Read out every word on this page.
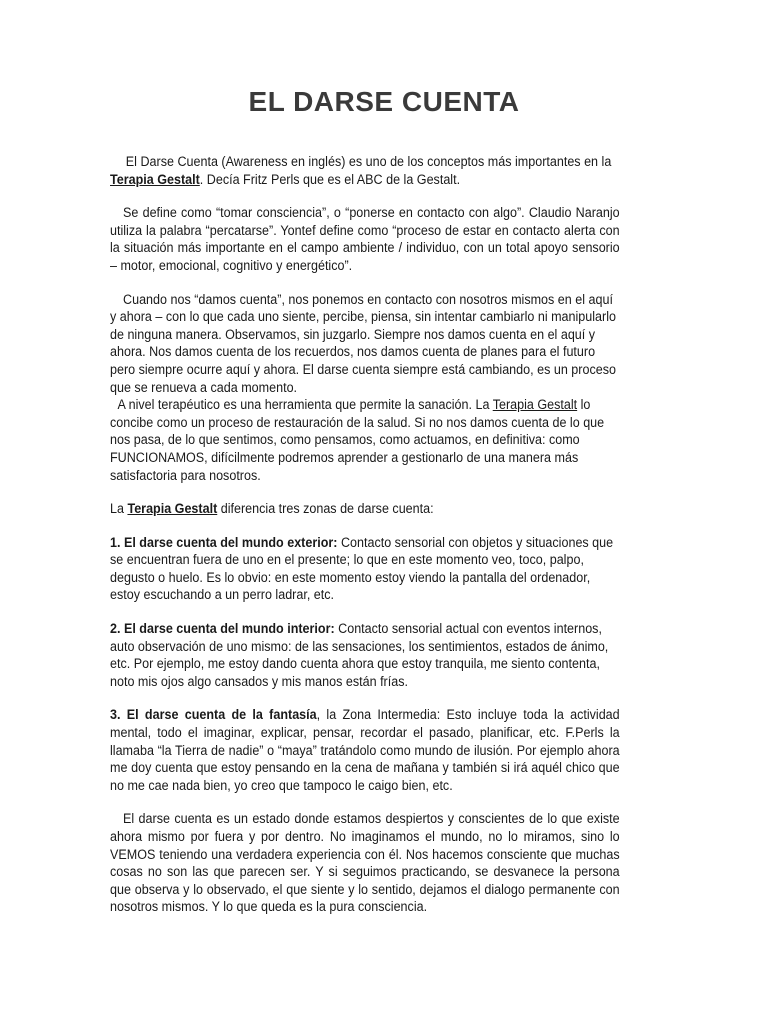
EL DARSE CUENTA

El Darse Cuenta (Awareness en inglés) es uno de los conceptos más importantes en la Terapia Gestalt. Decía Fritz Perls que es el ABC de la Gestalt.

Se define como “tomar consciencia”, o “ponerse en contacto con algo”. Claudio Naranjo utiliza la palabra “percatarse”. Yontef define como “proceso de estar en contacto alerta con la situación más importante en el campo ambiente / individuo, con un total apoyo sensorio – motor, emocional, cognitivo y energético”.

Cuando nos “damos cuenta”, nos ponemos en contacto con nosotros mismos en el aquí y ahora – con lo que cada uno siente, percibe, piensa, sin intentar cambiarlo ni manipularlo de ninguna manera. Observamos, sin juzgarlo. Siempre nos damos cuenta en el aquí y ahora. Nos damos cuenta de los recuerdos, nos damos cuenta de planes para el futuro pero siempre ocurre aquí y ahora. El darse cuenta siempre está cambiando, es un proceso que se renueva a cada momento.

A nivel terapéutico es una herramienta que permite la sanación. La Terapia Gestalt lo concibe como un proceso de restauración de la salud. Si no nos damos cuenta de lo que nos pasa, de lo que sentimos, como pensamos, como actuamos, en definitiva: como FUNCIONAMOS, difícilmente podremos aprender a gestionarlo de una manera más satisfactoria para nosotros.

La Terapia Gestalt diferencia tres zonas de darse cuenta:

1. El darse cuenta del mundo exterior: Contacto sensorial con objetos y situaciones que se encuentran fuera de uno en el presente; lo que en este momento veo, toco, palpo, degusto o huelo. Es lo obvio: en este momento estoy viendo la pantalla del ordenador, estoy escuchando a un perro ladrar, etc.

2. El darse cuenta del mundo interior: Contacto sensorial actual con eventos internos, auto observación de uno mismo: de las sensaciones, los sentimientos, estados de ánimo, etc. Por ejemplo, me estoy dando cuenta ahora que estoy tranquila, me siento contenta, noto mis ojos algo cansados y mis manos están frías.

3. El darse cuenta de la fantasía, la Zona Intermedia: Esto incluye toda la actividad mental, todo el imaginar, explicar, pensar, recordar el pasado, planificar, etc. F.Perls la llamaba “la Tierra de nadie” o “maya” tratándolo como mundo de ilusión. Por ejemplo ahora me doy cuenta que estoy pensando en la cena de mañana y también si irá aquél chico que no me cae nada bien, yo creo que tampoco le caigo bien, etc.

El darse cuenta es un estado donde estamos despiertos y conscientes de lo que existe ahora mismo por fuera y por dentro. No imaginamos el mundo, no lo miramos, sino lo VEMOS teniendo una verdadera experiencia con él. Nos hacemos consciente que muchas cosas no son las que parecen ser. Y si seguimos practicando, se desvanece la persona que observa y lo observado, el que siente y lo sentido, dejamos el dialogo permanente con nosotros mismos. Y lo que queda es la pura consciencia.
